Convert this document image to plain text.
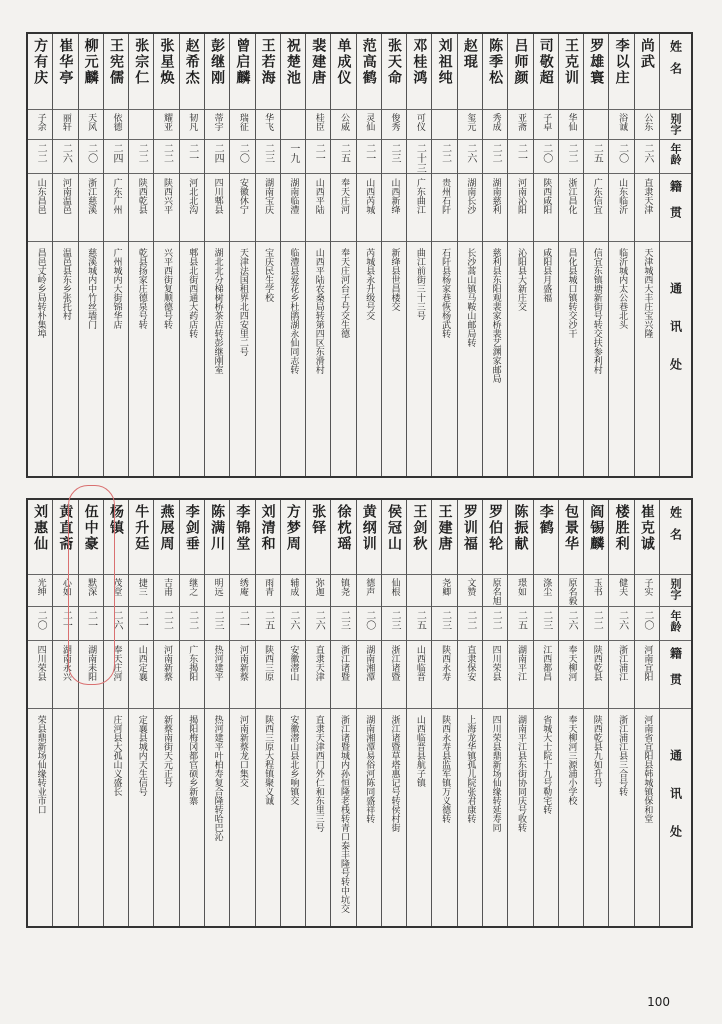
姓名
别字
年龄
籍贯
通讯处
尚武
公东
二六
直隶天津
天津城西大丰庄宝兴隆
李以庄
浴诚
二〇
山东临沂
临沂城内太公巷北头
罗雄寰
二五
广东信宜
信宜东镇塘新街号转交扶参利村
王克训
华仙
二二
浙江昌化
昌化县城口镇转交沙干
司敬超
子卓
二〇
陕西咸阳
咸阳县月盛福
吕师颜
亚斋
二一
河南沁阳
沁阳县大新庄交
陈季松
秀成
二二
湖南慈利
慈利县东阳观裴家桥裴艺渊家邮局
赵琨
玺元
二六
湖南长沙
长沙蒿山镇马鞍山邮局转
刘祖纯
二二
贵州石阡
石阡县杨家巷恢杨武转
邓桂鸿
可仪
二十三
广东曲江
曲江前街三十三号
张天命
俊秀
二三
山西新绛
新绛县世昌楼交
范高鹤
灵仙
二一
山西芮城
芮城县永升级号交
单成仪
公威
二五
奉天庄河
奉天庄河台子号交生德
裴建唐
桂臣
二一
山西平陆
山西平陆农桑局转第四区东滑村
祝楚池
一九
湖南临澧
临澧县爱花乡杜鹃湖永仙同志转
王若海
华飞
二三
湖南宝庆
宝庆民生学校
曾启麟
瑞征
二〇
安徽休宁
天津法国租界北四安里二号
彭继刚
蒂宇
二四
四川郫县
湖北北分梯树桥茶店转彭继刚室
赵希杰
韧凡
二一
河北北沟
郫县北街西通大药店转
张星焕
耀亚
二二
陕西兴平
兴平西街复顺德号转
张宗仁
二二
陕西乾县
乾县扬家庄德泉号转
王宪儒
依德
二四
广东广州
广州城内大街锦华店
柳元麟
天风
二〇
浙江慈溪
慈溪城内中竹丝墙门
崔华亭
丽轩
二六
河南温邑
温邑县东乡张托村
方有庆
子余
二二
山东昌邑
昌邑丈岭乡局转朴集埠
姓名
别字
年龄
籍贯
通讯处
崔克诚
子实
二〇
河南宜阳
河南省宜阳县韩城镇保和堂
楼胜利
健夫
二六
浙江浦江
浙江浦江县三合号转
阎锡麟
玉书
二二
陕西乾县
陕西乾县九如升号
包景华
原名毅
二六
奉天柳河
奉天柳河三源浦小学校
李鹤
涤尘
二三
江西都昌
省城大士院十九号勒宅转
陈振献
璟如
二五
湖南平江
湖南平江县东街协同庆号收转
罗伯轮
原名旭
二二
四川荣县
四川荣县鼎新场仙缘转延寿同
罗训福
文赞
二二
直隶保安
上海龙华镇孤儿院张君康转
王建唐
尧卿
二三
陕西永寿
陕西永寿县监军镇万义德转
王剑秋
二五
山西临晋
山西临晋县航子镇
侯冠山
仙根
二三
浙江诸暨
浙江诸暨草塔惠记号转侯村街
黄纲训
德声
二〇
湖南湘潭
湖南湘潭易俗河陈同盛祥转
徐枕瑶
镇尧
二三
浙江诸暨
浙江诸暨城内孙恒隆老栈转青口泰丰隆号转中坑交
张铎
弥迦
二六
直隶天津
直隶天津西门外仁和东里三号
方梦周
辅成
二六
安徽潜山
安徽潜山县北乡响镇交
刘清和
雨青
二五
陕西三原
陕西三原大程镇聚义诚
李锦堂
绣庵
二一
河南新蔡
河南新蔡龙口集交
陈满川
明远
二三
热河建平
热河建平叶柏寿复合隆转哈巴沁
李剑垂
继之
二二
广东揭阳
揭阳梅冈都官硕乡新寨
燕展周
吉甫
二二
河南新蔡
新蔡南街天元正号
牛升廷
捷三
二一
山西定襄
定襄县城内天生信号
杨镇
茂堂
二六
奉天庄河
庄河县大孤山义盛长
伍中豪
默深
二一
湖南耒阳
黄直斋
心如
二一
湖南永兴
刘惠仙
光绅
二〇
四川荣县
荣县鼎新场仙缘转业市口
100
